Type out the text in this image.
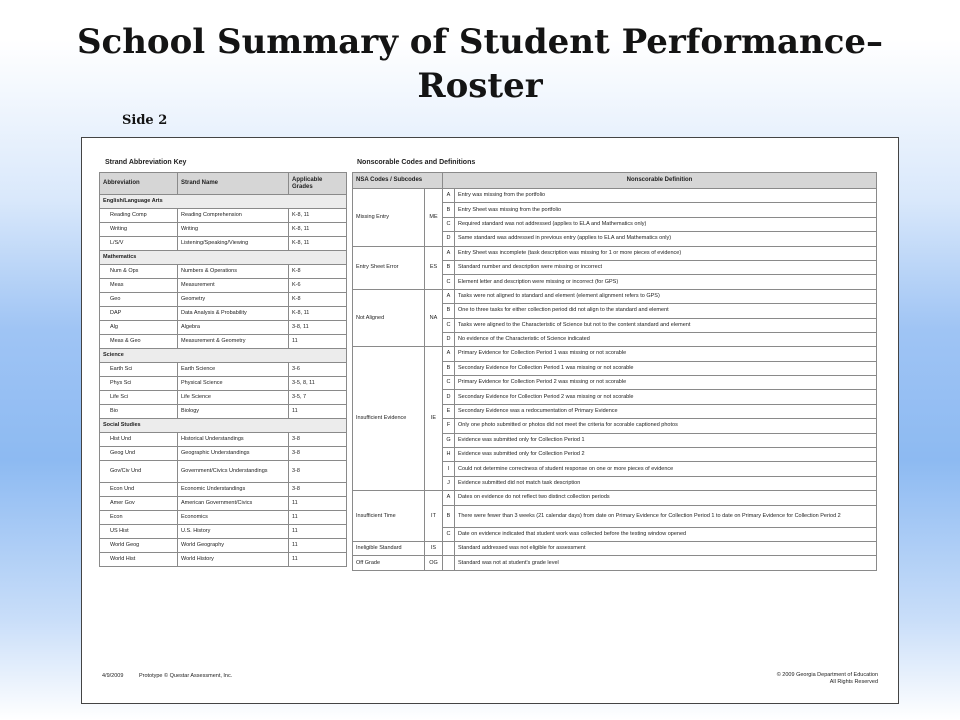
School Summary of Student Performance–
Roster
Side 2
Strand Abbreviation Key
Abbreviation	Strand Name	Applicable Grades
English/Language Arts		
Reading Comp	Reading Comprehension	K-8, 11
Writing	Writing	K-8, 11
L/S/V	Listening/Speaking/Viewing	K-8, 11
Mathematics		
Num & Ops	Numbers & Operations	K-8
Meas	Measurement	K-6
Geo	Geometry	K-8
DAP	Data Analysis & Probability	K-8, 11
Alg	Algebra	3-8, 11
Meas & Geo	Measurement & Geometry	11
Science		
Earth Sci	Earth Science	3-6
Phys Sci	Physical Science	3-5, 8, 11
Life Sci	Life Science	3-5, 7
Bio	Biology	11
Social Studies		
Hist Und	Historical Understandings	3-8
Geog Und	Geographic Understandings	3-8
Gov/Civ Und	Government/Civics Understandings	3-8
Econ Und	Economic Understandings	3-8
Amer Gov	American Government/Civics	11
Econ	Economics	11
US Hist	U.S. History	11
World Geog	World Geography	11
World Hist	World History	11
Nonscorable Codes and Definitions
NSA Codes / Subcodes		Nonscorable Definition	
Missing Entry	ME	A	Entry was missing from the portfolio
		B	Entry Sheet was missing from the portfolio
		C	Required standard was not addressed (applies to ELA and Mathematics only)
		D	Same standard was addressed in previous entry (applies to ELA and Mathematics only)
Entry Sheet Error	ES	A	Entry Sheet was incomplete (task description was missing for 1 or more pieces of evidence)
		B	Standard number and description were missing or incorrect
		C	Element letter and description were missing or incorrect (for GPS)
Not Aligned	NA	A	Tasks were not aligned to standard and element (element alignment refers to GPS)
		B	One to three tasks for either collection period did not align to the standard and element
		C	Tasks were aligned to the Characteristic of Science but not to the content standard and element
		D	No evidence of the Characteristic of Science indicated
Insufficient Evidence	IE	A	Primary Evidence for Collection Period 1 was missing or not scorable
		B	Secondary Evidence for Collection Period 1 was missing or not scorable
		C	Primary Evidence for Collection Period 2 was missing or not scorable
		D	Secondary Evidence for Collection Period 2 was missing or not scorable
		E	Secondary Evidence was a redocumentation of Primary Evidence
		F	Only one photo submitted or photos did not meet the criteria for scorable captioned photos
		G	Evidence was submitted only for Collection Period 1
		H	Evidence was submitted only for Collection Period 2
		I	Could not determine correctness of student response on one or more pieces of evidence
		J	Evidence submitted did not match task description
Insufficient Time	IT	A	Dates on evidence do not reflect two distinct collection periods
		B	There were fewer than 3 weeks (21 calendar days) from date on Primary Evidence for Collection Period 1 to date on Primary Evidence for Collection Period 2
		C	Date on evidence indicated that student work was collected before the testing window opened
Ineligible Standard	IS		Standard addressed was not eligible for assessment
Off Grade	OG		Standard was not at student's grade level
4/9/2009	Prototype © Questar Assessment, Inc.	© 2009 Georgia Department of Education
All Rights Reserved
